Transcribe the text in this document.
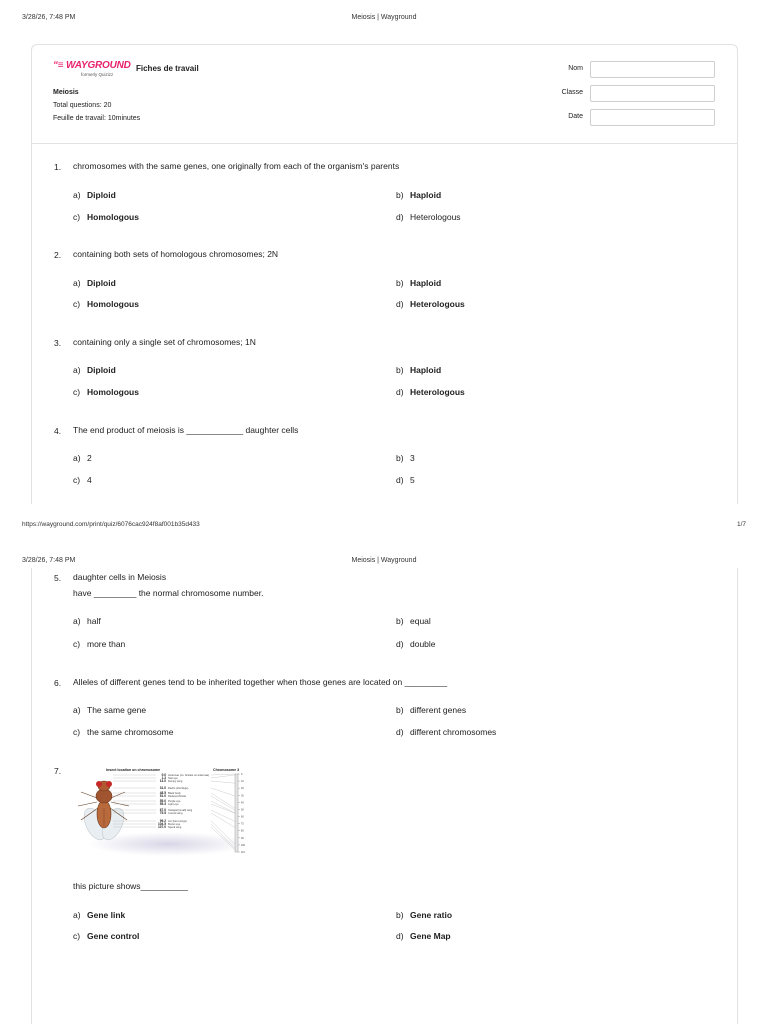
3/28/26, 7:48 PM	Meiosis | Wayground
“≡ WAYGROUND
formerly Quizizz
Fiches de travail
Meiosis
Total questions: 20
Feuille de travail: 10minutes
Nom
Classe
Date
1. chromosomes with the same genes, one originally from each of the organism's parents
a) Diploid	b) Haploid
c) Homologous	d) Heterologous
2. containing both sets of homologous chromosomes; 2N
a) Diploid	b) Haploid
c) Homologous	d) Heterologous
3. containing only a single set of chromosomes; 1N
a) Diploid	b) Haploid
c) Homologous	d) Heterologous
4. The end product of meiosis is ____________ daughter cells
a) 2	b) 3
c) 4	d) 5
https://wayground.com/print/quiz/6076cac924f8af001b35d433	1/7
3/28/26, 7:48 PM	Meiosis | Wayground
5. daughter cells in Meiosis
have _________ the normal chromosome number.
a) half	b) equal
c) more than	d) double
6. Alleles of different genes tend to be inherited together when those genes are located on _________
a) The same gene	b) different genes
c) the same chromosome	d) different chromosomes
7.	Insect location on chromosome	Chromosome 3
0.0 Antennae (no. bristles on antennae)
1.3 Star eye
13.0 Dumpy wing
31.0 Dachs (shortlegs)
48.5 Black body
51.0 Reduced bristle
55.0 Purple eye
55.3 Light eye
67.0 Vestigial (small) wing
75.5 Curved wing
99.2 Arc (bent wings)
104.5 Brown eye
107.0 Speck wing
0
10
20
30
40
50
60
70
80
90
100
110
this picture shows__________
a) Gene link	b) Gene ratio
c) Gene control	d) Gene Map
